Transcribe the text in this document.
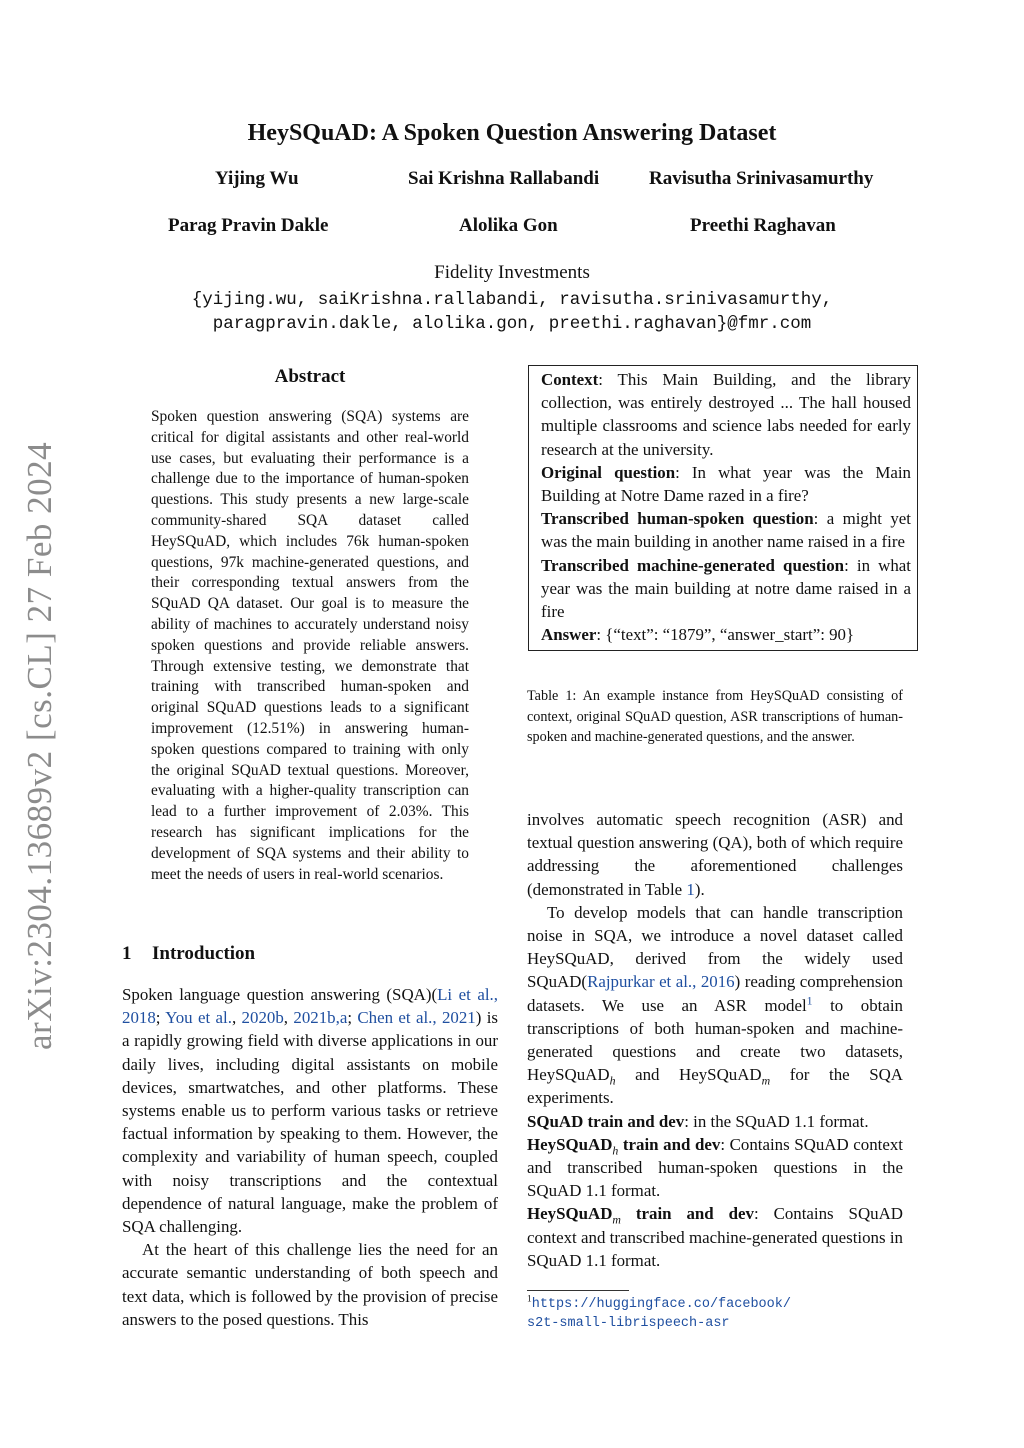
arXiv:2304.13689v2 [cs.CL] 27 Feb 2024
HeySQuAD: A Spoken Question Answering Dataset
Yijing Wu	Sai Krishna Rallabandi	Ravisutha Srinivasamurthy
Parag Pravin Dakle	Alolika Gon	Preethi Raghavan
Fidelity Investments
{yijing.wu, saiKrishna.rallabandi, ravisutha.srinivasamurthy,
paragpravin.dakle, alolika.gon, preethi.raghavan}@fmr.com
Abstract
Spoken question answering (SQA) systems are critical for digital assistants and other real-world use cases, but evaluating their performance is a challenge due to the importance of human-spoken questions. This study presents a new large-scale community-shared SQA dataset called HeySQuAD, which includes 76k human-spoken questions, 97k machine-generated questions, and their corresponding textual answers from the SQuAD QA dataset. Our goal is to measure the ability of machines to accurately understand noisy spoken questions and provide reliable answers. Through extensive testing, we demonstrate that training with transcribed human-spoken and original SQuAD questions leads to a significant improvement (12.51%) in answering human-spoken questions compared to training with only the original SQuAD textual questions. Moreover, evaluating with a higher-quality transcription can lead to a further improvement of 2.03%. This research has significant implications for the development of SQA systems and their ability to meet the needs of users in real-world scenarios.
1 Introduction

Spoken language question answering (SQA)(Li et al., 2018; You et al., 2020b, 2021b,a; Chen et al., 2021) is a rapidly growing field with diverse applications in our daily lives, including digital assistants on mobile devices, smartwatches, and other platforms. These systems enable us to perform various tasks or retrieve factual information by speaking to them. However, the complexity and variability of human speech, coupled with noisy transcriptions and the contextual dependence of natural language, make the problem of SQA challenging.

At the heart of this challenge lies the need for an accurate semantic understanding of both speech and text data, which is followed by the provision of precise answers to the posed questions. This

Context: This Main Building, and the library collection, was entirely destroyed ... The hall housed multiple classrooms and science labs needed for early research at the university.

Original question: In what year was the Main Building at Notre Dame razed in a fire?

Transcribed human-spoken question: a might yet was the main building in another name raised in a fire

Transcribed machine-generated question: in what year was the main building at notre dame raised in a fire

Answer: {“text”: “1879”, “answer_start”: 90}

Table 1: An example instance from HeySQuAD consisting of context, original SQuAD question, ASR transcriptions of human-spoken and machine-generated questions, and the answer.

involves automatic speech recognition (ASR) and textual question answering (QA), both of which require addressing the aforementioned challenges (demonstrated in Table 1).

To develop models that can handle transcription noise in SQA, we introduce a novel dataset called HeySQuAD, derived from the widely used SQuAD(Rajpurkar et al., 2016) reading comprehension datasets. We use an ASR model$^1$ to obtain transcriptions of both human-spoken and machine-generated questions and create two datasets, HeySQuAD$_h$ and HeySQuAD$_m$ for the SQA experiments.

SQuAD train and dev: in the SQuAD 1.1 format.

HeySQuAD$_h$ train and dev: Contains SQuAD context and transcribed human-spoken questions in the SQuAD 1.1 format.

HeySQuAD$_m$ train and dev: Contains SQuAD context and transcribed machine-generated questions in SQuAD 1.1 format.

$^1$https://huggingface.co/facebook/
s2t-small-librispeech-asr
